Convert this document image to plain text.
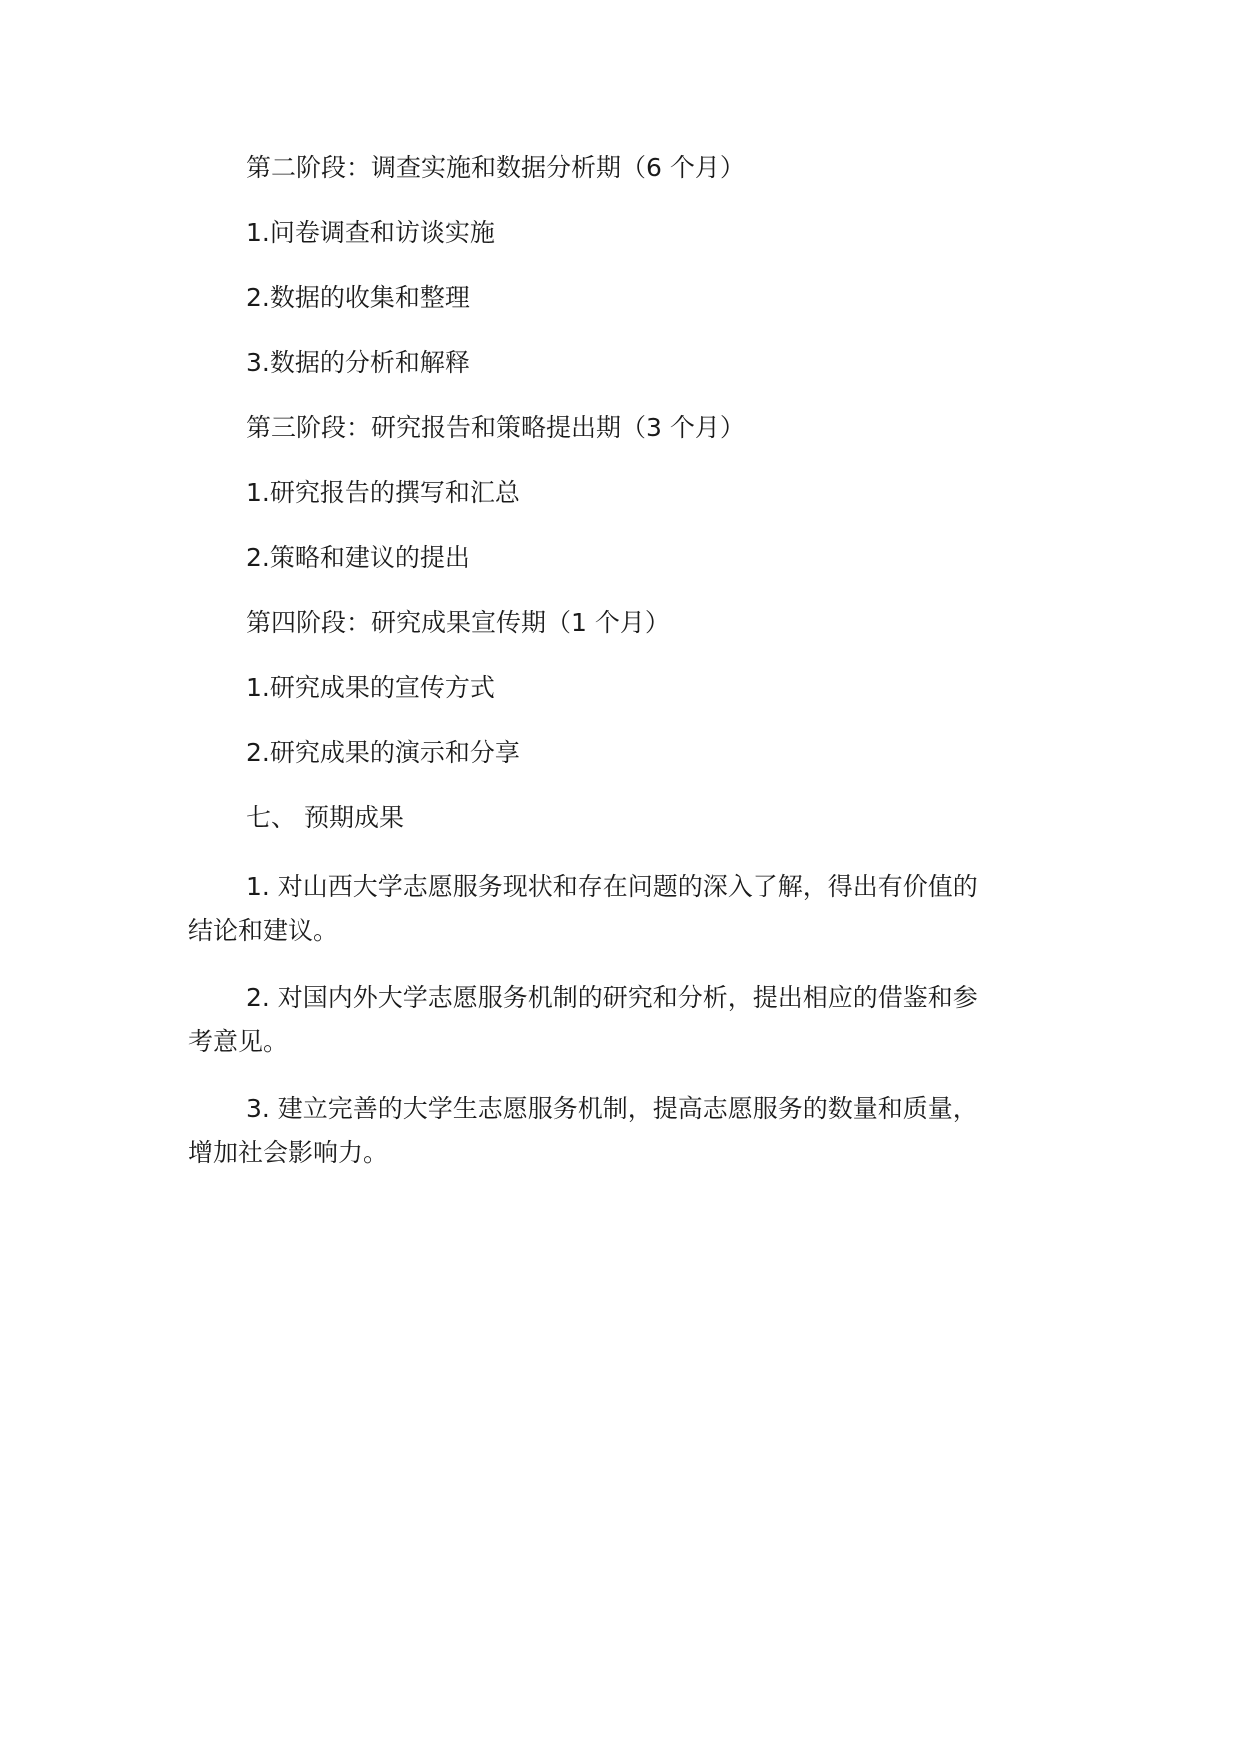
第二阶段：调查实施和数据分析期（6 个月）
1.问卷调查和访谈实施
2.数据的收集和整理
3.数据的分析和解释
第三阶段：研究报告和策略提出期（3 个月）
1.研究报告的撰写和汇总
2.策略和建议的提出
第四阶段：研究成果宣传期（1 个月）
1.研究成果的宣传方式
2.研究成果的演示和分享
七、 预期成果
1. 对山西大学志愿服务现状和存在问题的深入了解，得出有价值的
结论和建议。
2. 对国内外大学志愿服务机制的研究和分析，提出相应的借鉴和参
考意见。
3. 建立完善的大学生志愿服务机制，提高志愿服务的数量和质量，
增加社会影响力。
